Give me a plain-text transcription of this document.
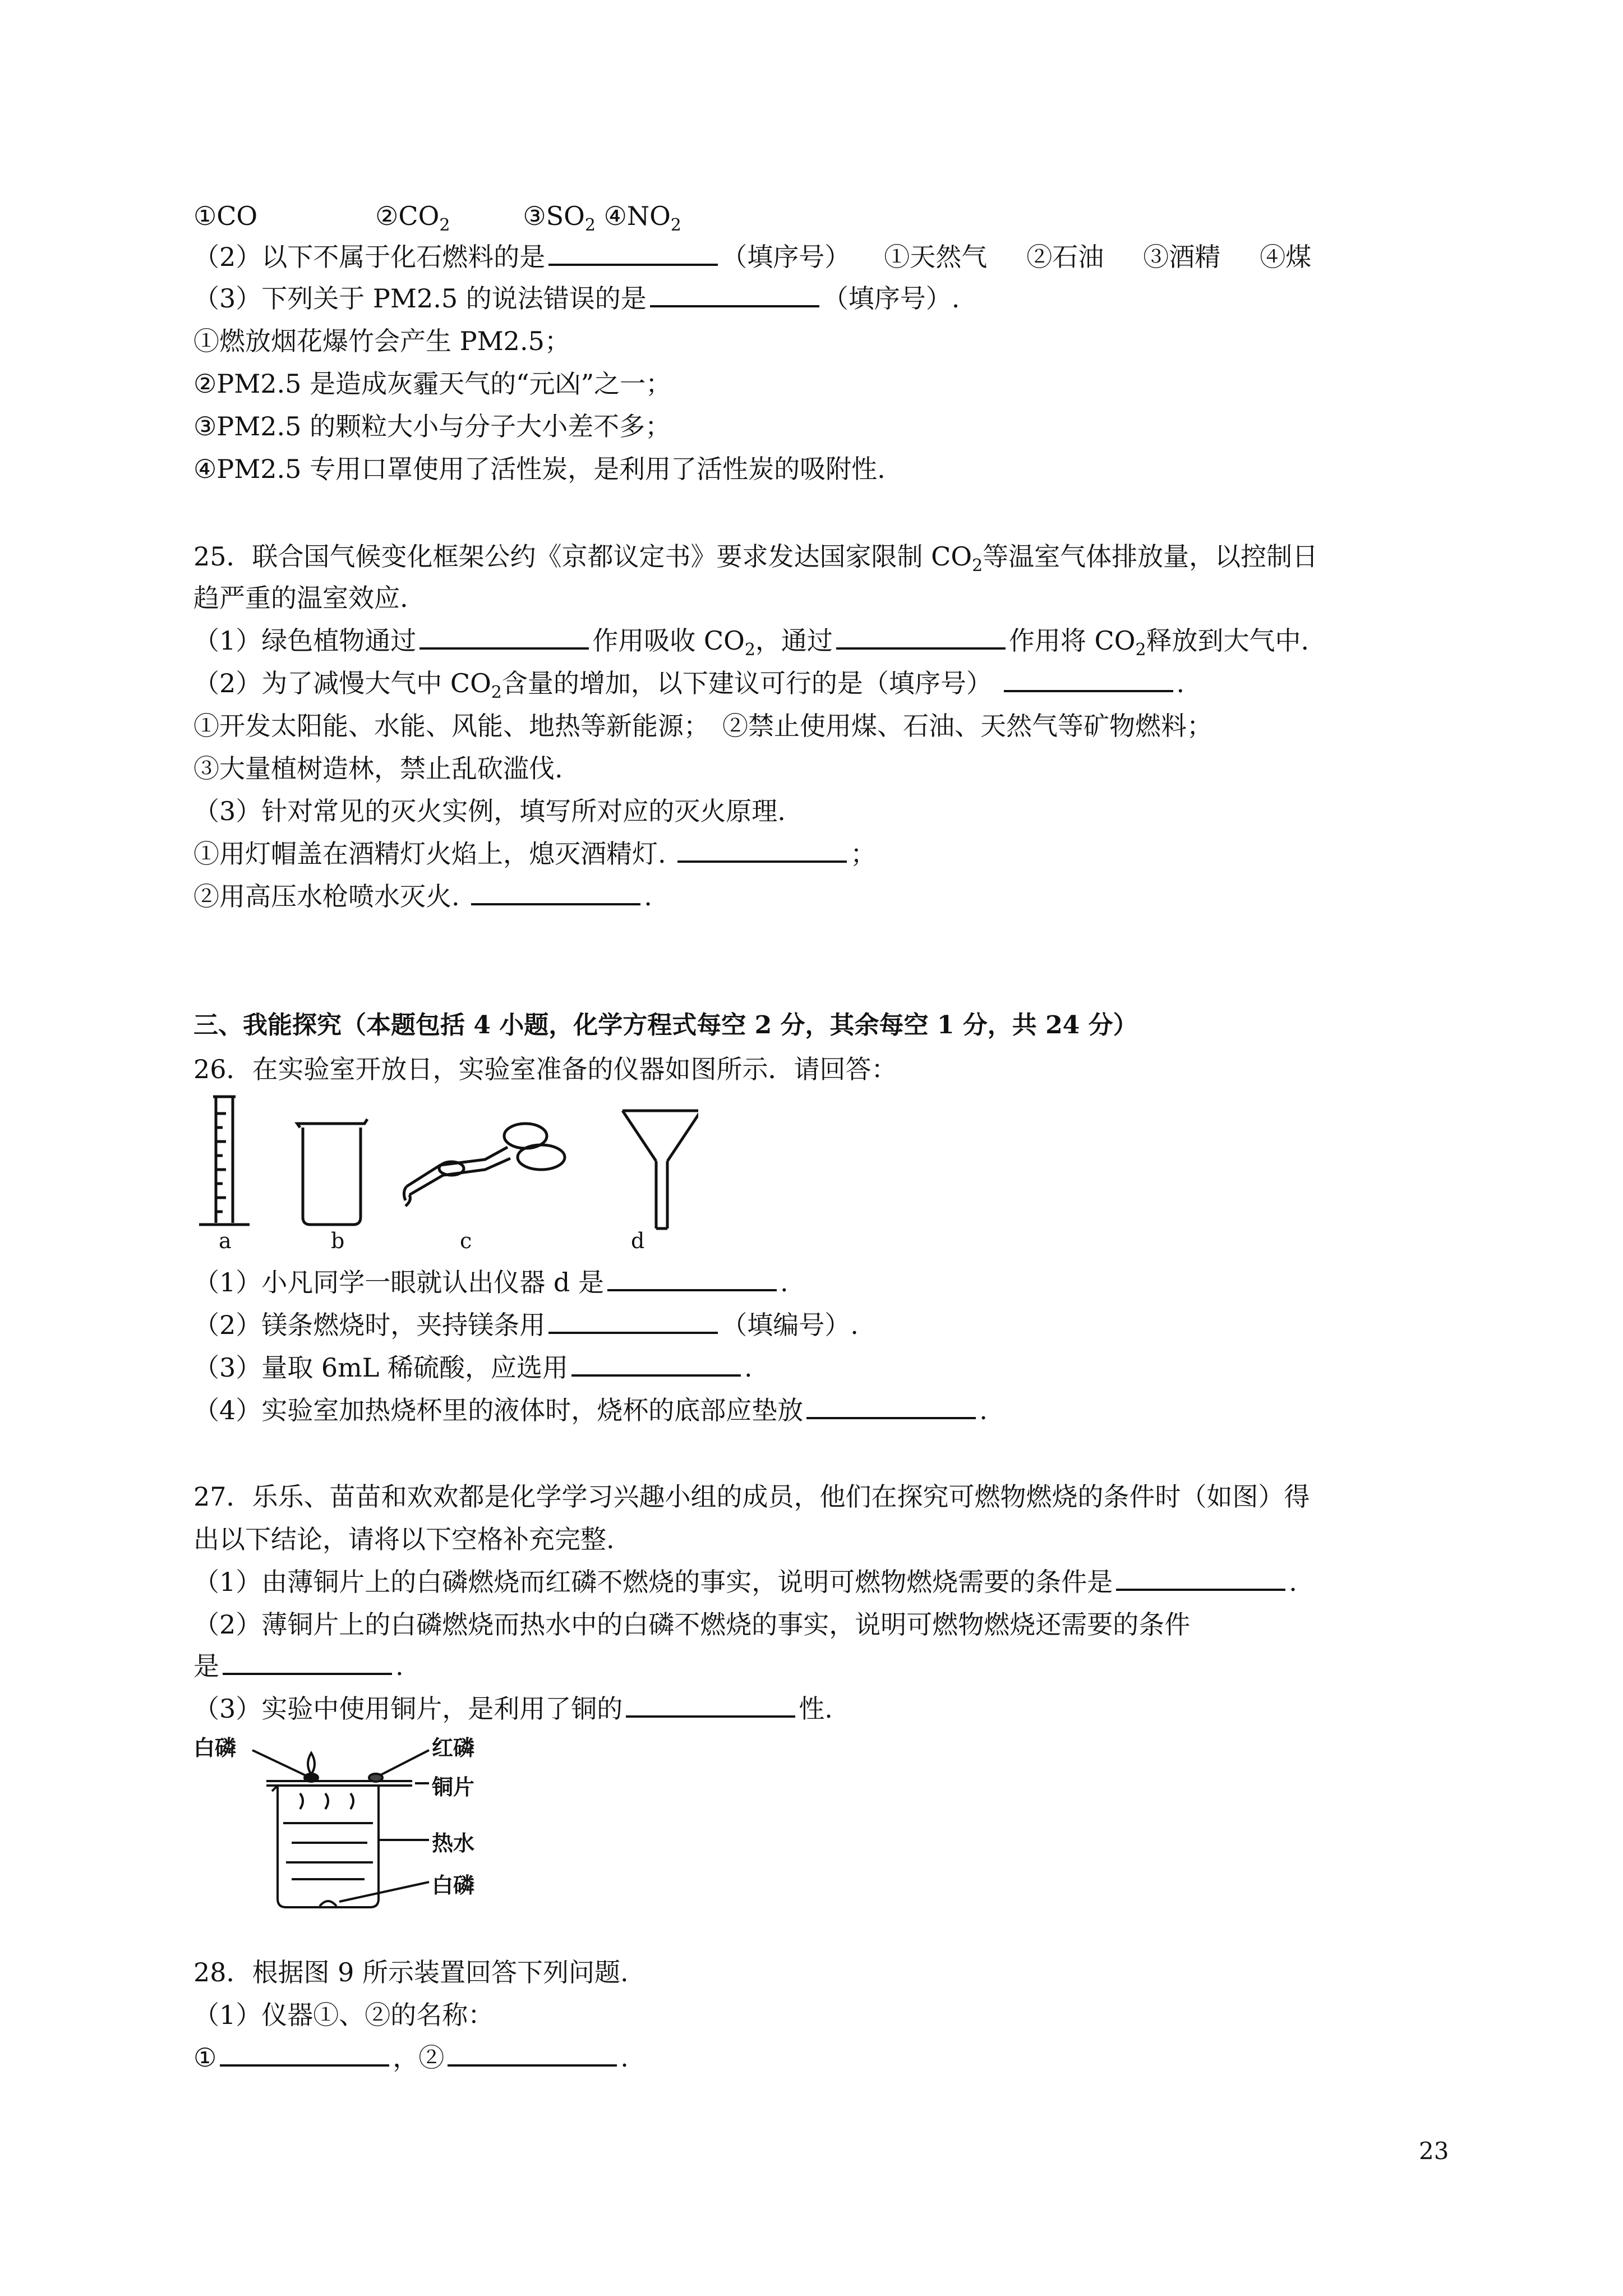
①CO	$②CO_2$	$③SO_2$ $④NO_2$
（2）以下不属于化石燃料的是	（填序号） ①天然气 ②石油 ③酒精 ④煤
（3）下列关于 PM2.5 的说法错误的是	（填序号）.
①燃放烟花爆竹会产生 PM2.5；
②PM2.5 是造成灰霾天气的“元凶”之一；
③PM2.5 的颗粒大小与分子大小差不多；
④PM2.5 专用口罩使用了活性炭，是利用了活性炭的吸附性.
25．联合国气候变化框架公约《京都议定书》要求发达国家限制 $CO_2$等温室气体排放量，以控制日
趋严重的温室效应.
（1）绿色植物通过	作用吸收 $CO_2$，通过	作用将 $CO_2$释放到大气中.
（2）为了减慢大气中 $CO_2$含量的增加，以下建议可行的是（填序号）	.
①开发太阳能、水能、风能、地热等新能源；　②禁止使用煤、石油、天然气等矿物燃料；
③大量植树造林，禁止乱砍滥伐.
（3）针对常见的灭火实例，填写所对应的灭火原理.
①用灯帽盖在酒精灯火焰上，熄灭酒精灯.	；
②用高压水枪喷水灭火.	.
三、我能探究（本题包括 4 小题，化学方程式每空 2 分，其余每空 1 分，共 24 分）
26．在实验室开放日，实验室准备的仪器如图所示．请回答：
a	b	c	d
（1）小凡同学一眼就认出仪器 d 是	.
（2）镁条燃烧时，夹持镁条用	（填编号）.
（3）量取 6mL 稀硫酸，应选用	.
（4）实验室加热烧杯里的液体时，烧杯的底部应垫放	.
27．乐乐、苗苗和欢欢都是化学学习兴趣小组的成员，他们在探究可燃物燃烧的条件时（如图）得
出以下结论，请将以下空格补充完整.
（1）由薄铜片上的白磷燃烧而红磷不燃烧的事实，说明可燃物燃烧需要的条件是	.
（2）薄铜片上的白磷燃烧而热水中的白磷不燃烧的事实，说明可燃物燃烧还需要的条件
是	.
（3）实验中使用铜片，是利用了铜的	性.
白磷	红磷
铜片
热水
白磷
28．根据图 9 所示装置回答下列问题.
（1）仪器①、②的名称：
①	，②	.
23
